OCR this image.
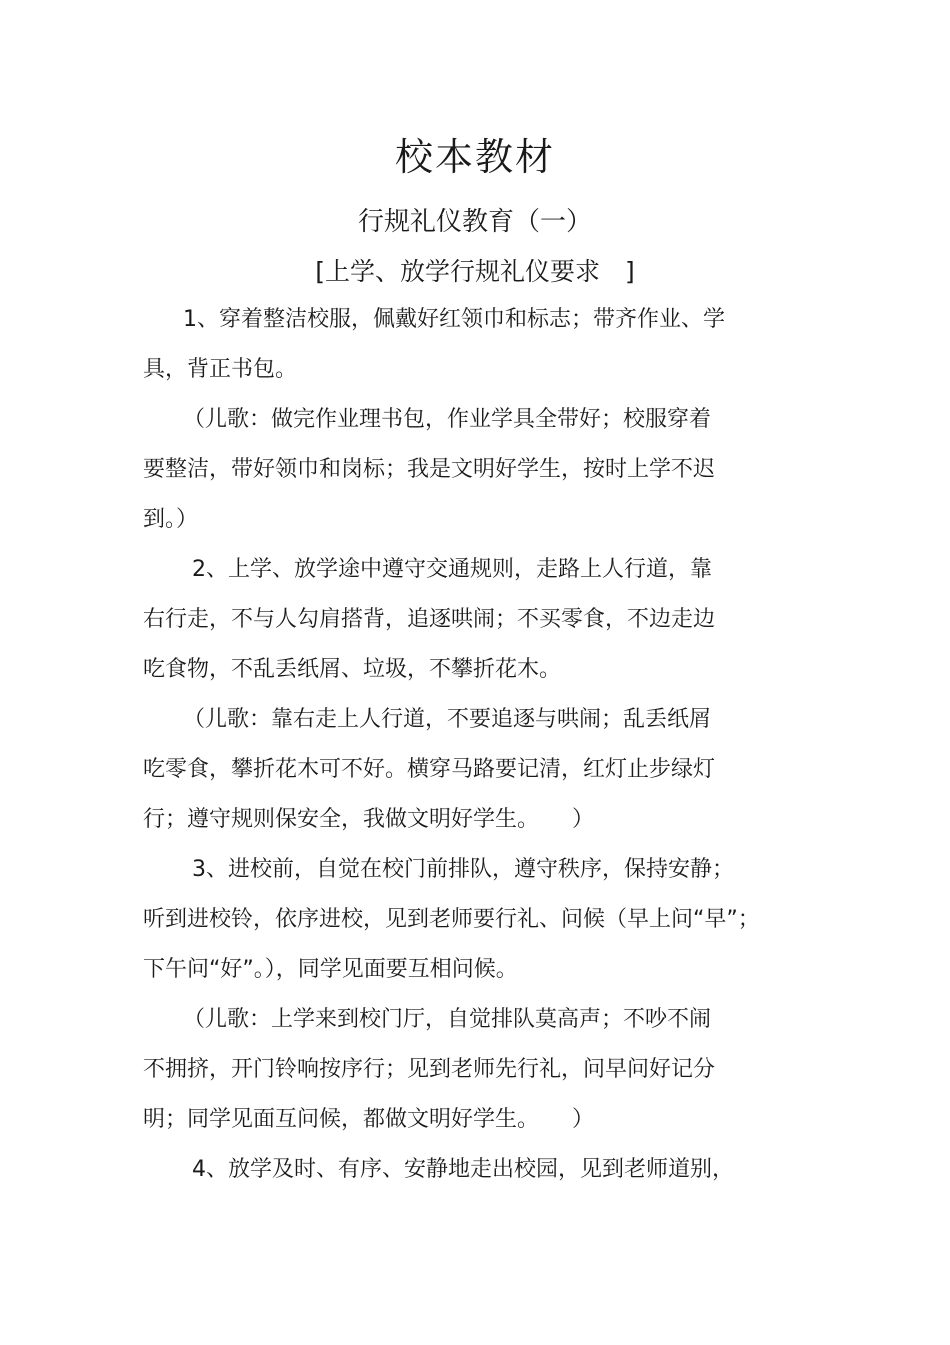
校本教材
行规礼仪教育（一）
[上学、放学行规礼仪要求　]
1、穿着整洁校服，佩戴好红领巾和标志；带齐作业、学
具，背正书包。
（儿歌：做完作业理书包，作业学具全带好；校服穿着
要整洁，带好领巾和岗标；我是文明好学生，按时上学不迟
到。）
2、上学、放学途中遵守交通规则，走路上人行道，靠
右行走，不与人勾肩搭背，追逐哄闹；不买零食，不边走边
吃食物，不乱丢纸屑、垃圾，不攀折花木。
（儿歌：靠右走上人行道，不要追逐与哄闹；乱丢纸屑
吃零食，攀折花木可不好。横穿马路要记清，红灯止步绿灯
行；遵守规则保安全，我做文明好学生。　　）
3、进校前，自觉在校门前排队，遵守秩序，保持安静；
听到进校铃，依序进校，见到老师要行礼、问候（早上问“早”；
下午问“好”。），同学见面要互相问候。
（儿歌：上学来到校门厅，自觉排队莫高声；不吵不闹
不拥挤，开门铃响按序行；见到老师先行礼，问早问好记分
明；同学见面互问候，都做文明好学生。　　）
4、放学及时、有序、安静地走出校园，见到老师道别，
